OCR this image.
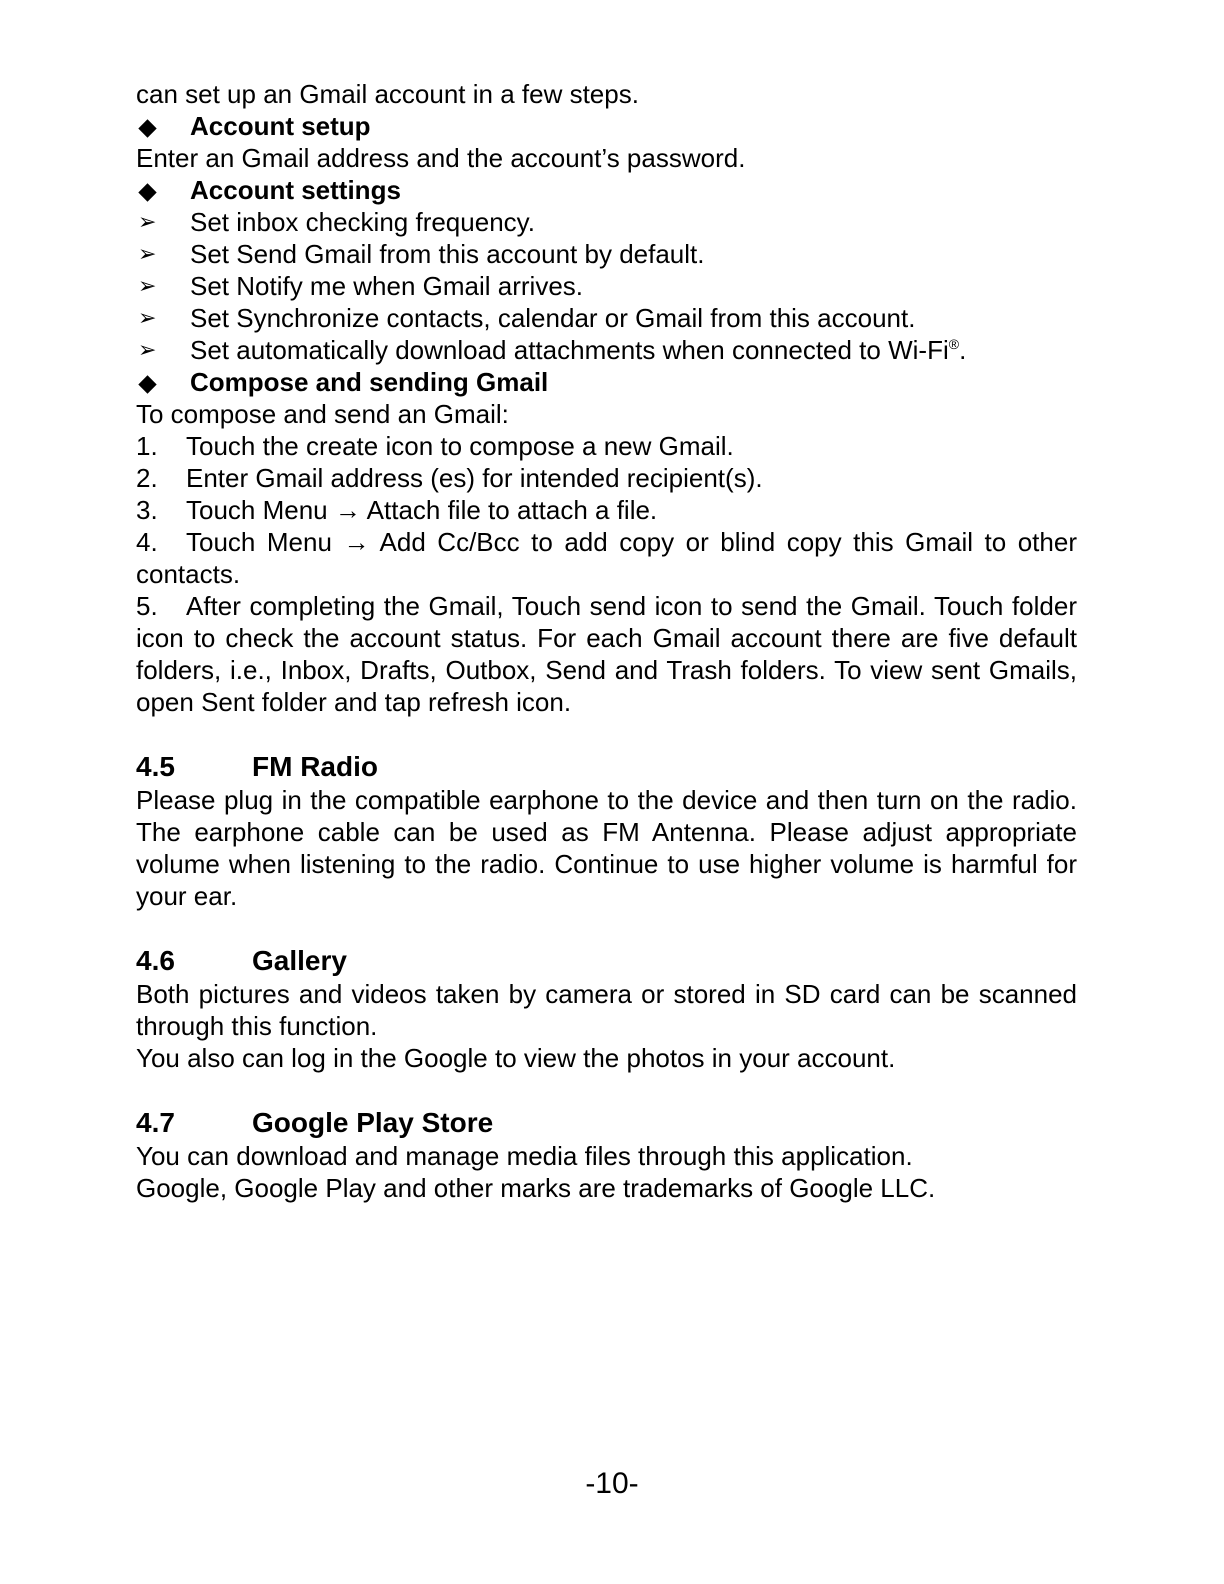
can set up an Gmail account in a few steps.
Account setup
Enter an Gmail address and the account’s password.
Account settings
➢ Set inbox checking frequency.
➢ Set Send Gmail from this account by default.
➢ Set Notify me when Gmail arrives.
➢ Set Synchronize contacts, calendar or Gmail from this account.
➢ Set automatically download attachments when connected to Wi-Fi®.
Compose and sending Gmail
To compose and send an Gmail:
1. Touch the create icon to compose a new Gmail.
2. Enter Gmail address (es) for intended recipient(s).
3. Touch Menu → Attach file to attach a file.
4. Touch Menu → Add Cc/Bcc to add copy or blind copy this Gmail to other contacts.
5. After completing the Gmail, Touch send icon to send the Gmail. Touch folder icon to check the account status. For each Gmail account there are five default folders, i.e., Inbox, Drafts, Outbox, Send and Trash folders. To view sent Gmails, open Sent folder and tap refresh icon.
4.5	FM Radio
Please plug in the compatible earphone to the device and then turn on the radio. The earphone cable can be used as FM Antenna. Please adjust appropriate volume when listening to the radio. Continue to use higher volume is harmful for your ear.
4.6	Gallery
Both pictures and videos taken by camera or stored in SD card can be scanned through this function.
You also can log in the Google to view the photos in your account.
4.7	Google Play Store
You can download and manage media files through this application.
Google, Google Play and other marks are trademarks of Google LLC.
-10-
